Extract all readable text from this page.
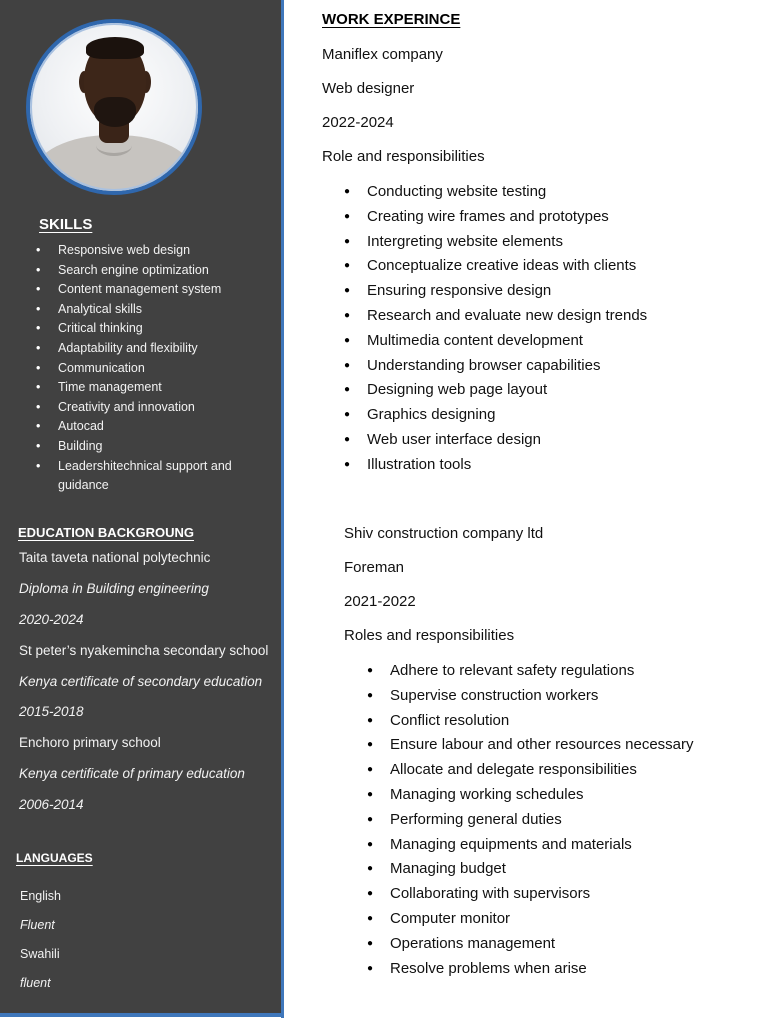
SKILLS
• Responsive web design
• Search engine optimization
• Content management system
• Analytical skills
• Critical thinking
• Adaptability and flexibility
• Communication
• Time management
• Creativity and innovation
• Autocad
• Building
• Leadershitechnical support and guidance
EDUCATION BACKGROUNG
Taita taveta national polytechnic
Diploma in Building engineering
2020-2024
St peter’s nyakemincha secondary school
Kenya certificate of secondary education
2015-2018
Enchoro primary school
Kenya certificate of primary education
2006-2014
LANGUAGES
English
Fluent
Swahili
fluent
WORK EXPERINCE
Maniflex company
Web designer
2022-2024
Role and responsibilities
● Conducting website testing
● Creating wire frames and prototypes
● Intergreting website elements
● Conceptualize creative ideas with clients
● Ensuring responsive design
● Research and evaluate new design trends
● Multimedia content development
● Understanding browser capabilities
● Designing web page layout
● Graphics designing
● Web user interface design
● Illustration tools
Shiv construction company ltd
Foreman
2021-2022
Roles and responsibilities
● Adhere to relevant safety regulations
● Supervise construction workers
● Conflict resolution
● Ensure labour and other resources necessary
● Allocate and delegate responsibilities
● Managing working schedules
● Performing general duties
● Managing equipments and materials
● Managing budget
● Collaborating with supervisors
● Computer monitor
● Operations management
● Resolve problems when arise
